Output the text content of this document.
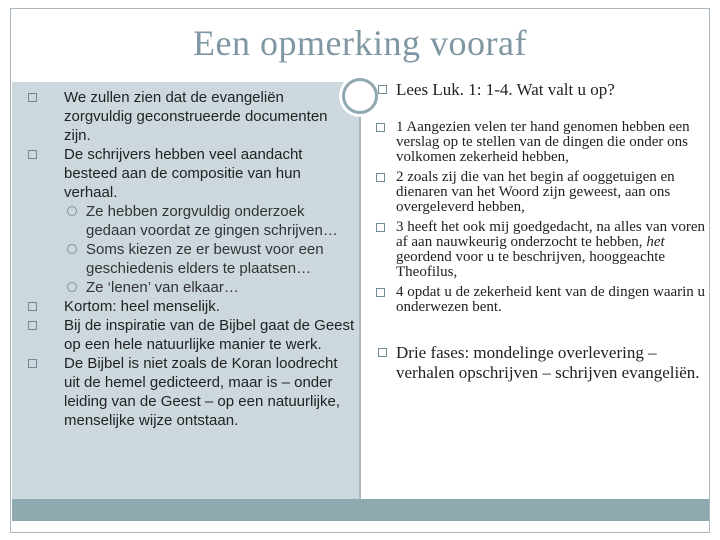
Een opmerking vooraf

We zullen zien dat de evangeliën zorgvuldig geconstrueerde documenten zijn.

De schrijvers hebben veel aandacht besteed aan de compositie van hun verhaal.

Ze hebben zorgvuldig onderzoek gedaan voordat ze gingen schrijven…

Soms kiezen ze er bewust voor een geschiedenis elders te plaatsen…

Ze ‘lenen’ van elkaar…

Kortom: heel menselijk.

Bij de inspiratie van de Bijbel gaat de Geest op een hele natuurlijke manier te werk.

De Bijbel is niet zoals de Koran loodrecht uit de hemel gedicteerd, maar is – onder leiding van de Geest – op een natuurlijke, menselijke wijze ontstaan.

Lees Luk. 1: 1-4. Wat valt u op?

1 Aangezien velen ter hand genomen hebben een verslag op te stellen van de dingen die onder ons volkomen zekerheid hebben,

2 zoals zij die van het begin af ooggetuigen en dienaren van het Woord zijn geweest, aan ons overgeleverd hebben,

3 heeft het ook mij goedgedacht, na alles van voren af aan nauwkeurig onderzocht te hebben, het geordend voor u te beschrijven, hooggeachte Theofilus,

4 opdat u de zekerheid kent van de dingen waarin u onderwezen bent.

Drie fases: mondelinge overlevering – verhalen opschrijven – schrijven evangeliën.
